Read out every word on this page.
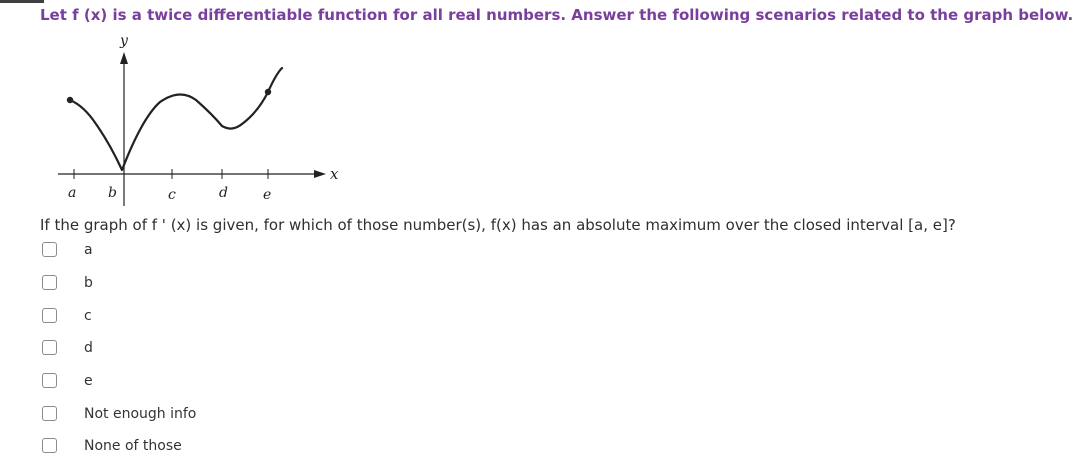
Let f (x) is a twice differentiable function for all real numbers. Answer the following scenarios related to the graph below.
x
y
a b	c	d	e
If the graph of f ' (x) is given, for which of those number(s), f(x) has an absolute maximum over the closed interval [a, e]?
a
b
c
d
e
Not enough info
None of those
